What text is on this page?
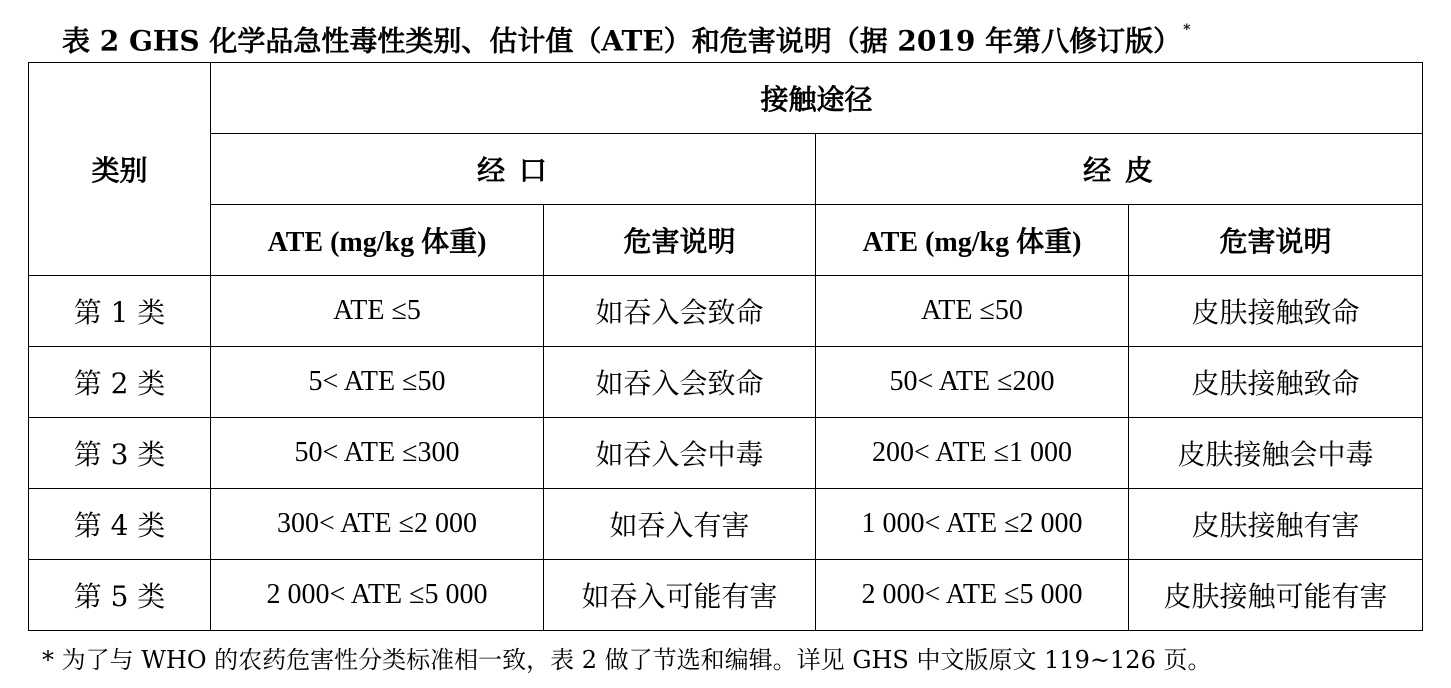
表 2 GHS 化学品急性毒性类别、估计值（ATE）和危害说明（据 2019 年第八修订版） *
类别	接触途径			
	经 口		经 皮	
	ATE (mg/kg 体重)	危害说明	ATE (mg/kg 体重)	危害说明
第 1 类	ATE ≤5	如吞入会致命	ATE ≤50	皮肤接触致命
第 2 类	5< ATE ≤50	如吞入会致命	50< ATE ≤200	皮肤接触致命
第 3 类	50< ATE ≤300	如吞入会中毒	200< ATE ≤1 000	皮肤接触会中毒
第 4 类	300< ATE ≤2 000	如吞入有害	1 000< ATE ≤2 000	皮肤接触有害
第 5 类	2 000< ATE ≤5 000	如吞入可能有害	2 000< ATE ≤5 000	皮肤接触可能有害
* 为了与 WHO 的农药危害性分类标准相一致，表 2 做了节选和编辑。详见 GHS 中文版原文 119~126 页。
